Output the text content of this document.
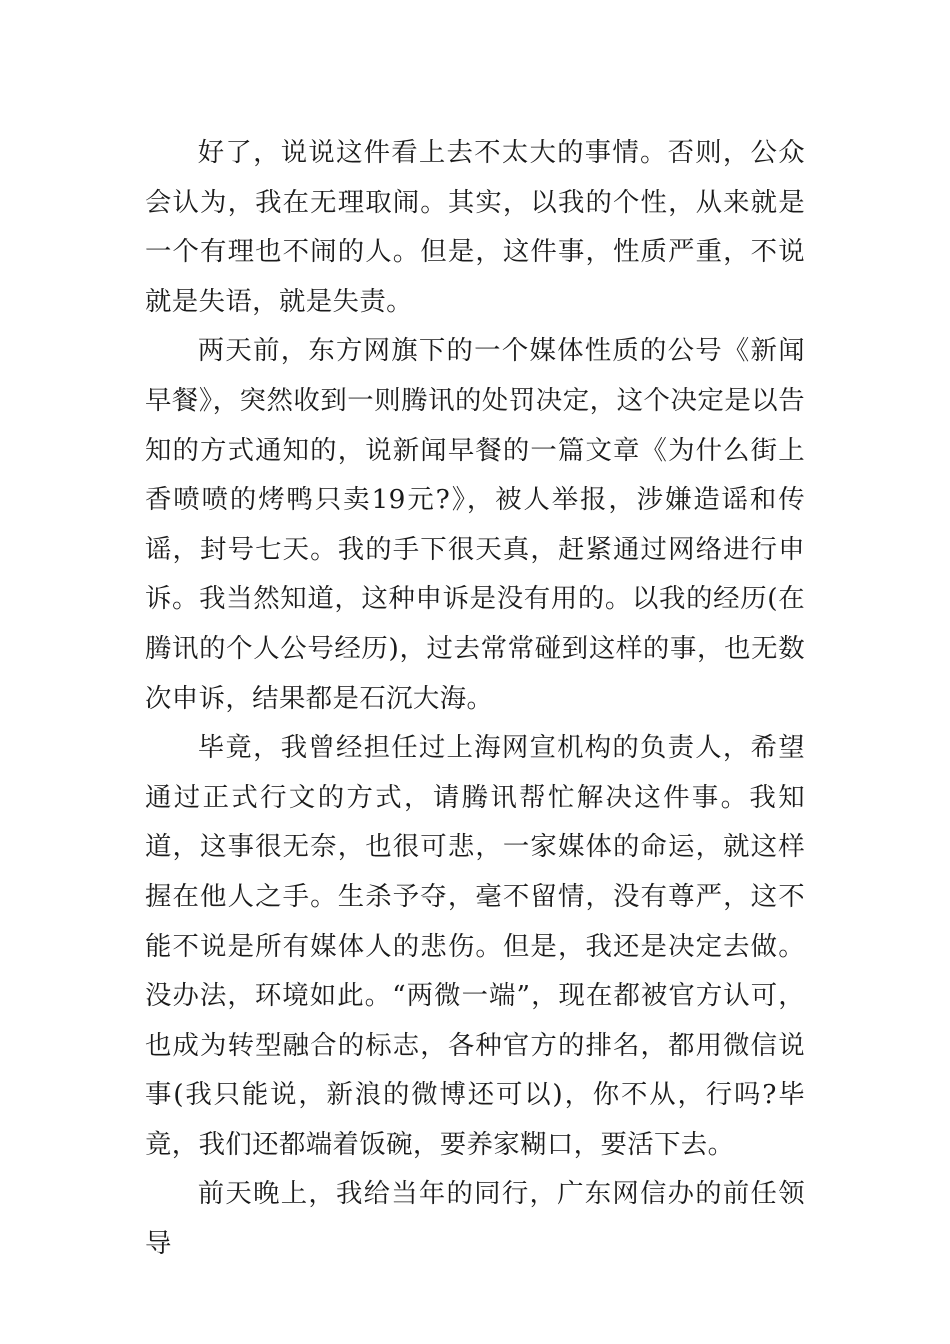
好了，说说这件看上去不太大的事情。否则，公众会认为，我在无理取闹。其实，以我的个性，从来就是一个有理也不闹的人。但是，这件事，性质严重，不说就是失语，就是失责。

两天前，东方网旗下的一个媒体性质的公号《新闻早餐》，突然收到一则腾讯的处罚决定，这个决定是以告知的方式通知的，说新闻早餐的一篇文章《为什么街上香喷喷的烤鸭只卖19元?》，被人举报，涉嫌造谣和传谣，封号七天。我的手下很天真，赶紧通过网络进行申诉。我当然知道，这种申诉是没有用的。以我的经历(在腾讯的个人公号经历)，过去常常碰到这样的事，也无数次申诉，结果都是石沉大海。

毕竟，我曾经担任过上海网宣机构的负责人，希望通过正式行文的方式，请腾讯帮忙解决这件事。我知道，这事很无奈，也很可悲，一家媒体的命运，就这样握在他人之手。生杀予夺，毫不留情，没有尊严，这不能不说是所有媒体人的悲伤。但是，我还是决定去做。没办法，环境如此。“两微一端”，现在都被官方认可，也成为转型融合的标志，各种官方的排名，都用微信说事(我只能说，新浪的微博还可以)，你不从，行吗?毕竟，我们还都端着饭碗，要养家糊口，要活下去。

前天晚上，我给当年的同行，广东网信办的前任领导
